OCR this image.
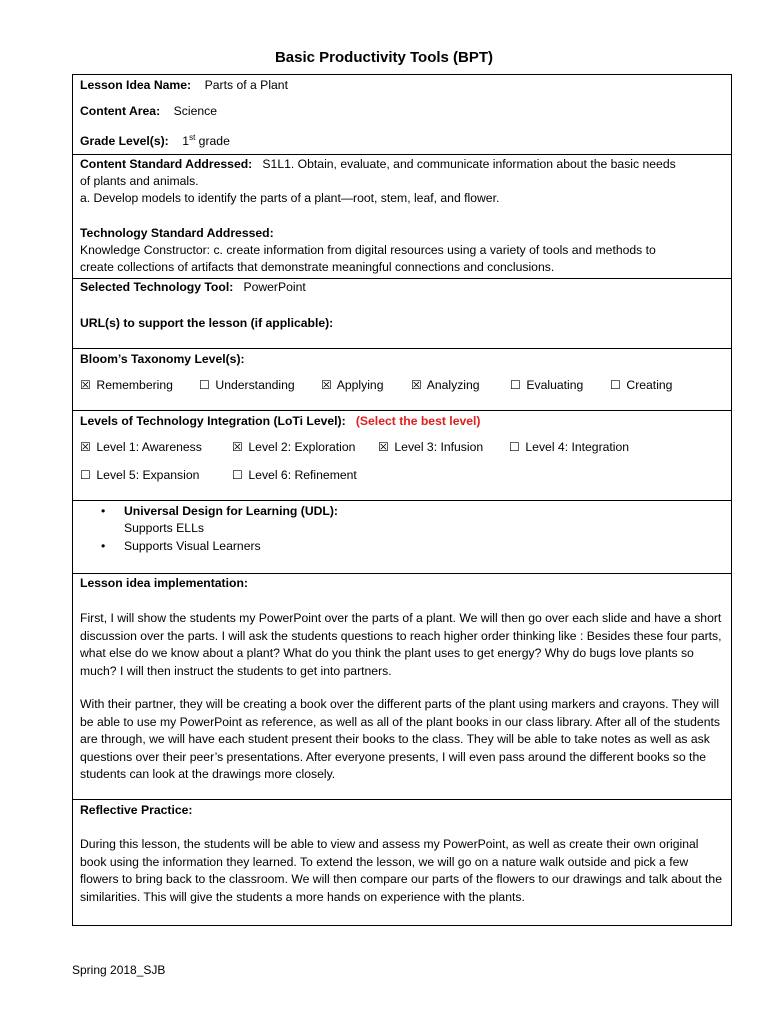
Basic Productivity Tools (BPT)
Lesson Idea Name: Parts of a Plant
Content Area: Science
Grade Level(s): 1st grade
Content Standard Addressed: S1L1. Obtain, evaluate, and communicate information about the basic needs
of plants and animals.
a. Develop models to identify the parts of a plant—root, stem, leaf, and flower.
Technology Standard Addressed:
Knowledge Constructor: c. create information from digital resources using a variety of tools and methods to
create collections of artifacts that demonstrate meaningful connections and conclusions.
Selected Technology Tool: PowerPoint
URL(s) to support the lesson (if applicable):
Bloom’s Taxonomy Level(s):
☒ Remembering ☐ Understanding ☒ Applying ☒ Analyzing ☐ Evaluating ☐ Creating
Levels of Technology Integration (LoTi Level): (Select the best level)
☒ Level 1: Awareness ☒ Level 2: Exploration ☒ Level 3: Infusion ☐ Level 4: Integration
☐ Level 5: Expansion	☐ Level 6: Refinement
• Universal Design for Learning (UDL):
Supports ELLs
• Supports Visual Learners
Lesson idea implementation:
First, I will show the students my PowerPoint over the parts of a plant. We will then go over each slide and have a short discussion over the parts. I will ask the students questions to reach higher order thinking like : Besides these four parts, what else do we know about a plant? What do you think the plant uses to get energy? Why do bugs love plants so much? I will then instruct the students to get into partners.
With their partner, they will be creating a book over the different parts of the plant using markers and crayons. They will be able to use my PowerPoint as reference, as well as all of the plant books in our class library. After all of the students are through, we will have each student present their books to the class. They will be able to take notes as well as ask questions over their peer’s presentations. After everyone presents, I will even pass around the different books so the students can look at the drawings more closely.
Reflective Practice:
During this lesson, the students will be able to view and assess my PowerPoint, as well as create their own original book using the information they learned. To extend the lesson, we will go on a nature walk outside and pick a few flowers to bring back to the classroom. We will then compare our parts of the flowers to our drawings and talk about the similarities. This will give the students a more hands on experience with the plants.
Spring 2018_SJB
